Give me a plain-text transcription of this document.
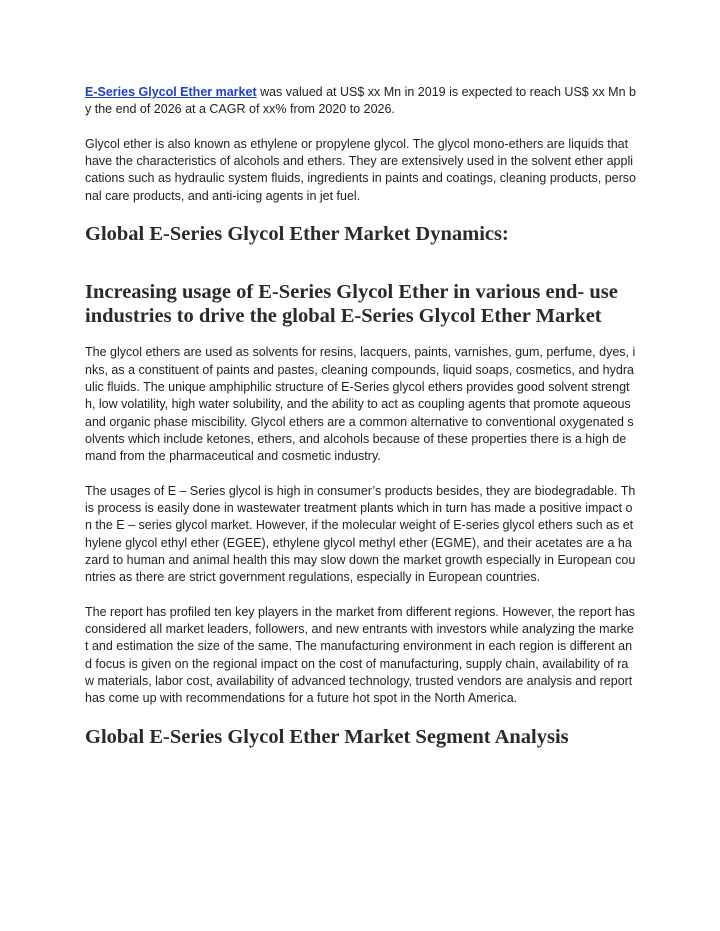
E-Series Glycol Ether market was valued at US$ xx Mn in 2019 is expected to reach US$ xx Mn by the end of 2026 at a CAGR of xx% from 2020 to 2026.

Glycol ether is also known as ethylene or propylene glycol. The glycol mono-ethers are liquids that have the characteristics of alcohols and ethers. They are extensively used in the solvent ether applications such as hydraulic system fluids, ingredients in paints and coatings, cleaning products, personal care products, and anti-icing agents in jet fuel.

Global E-Series Glycol Ether Market Dynamics:
Increasing usage of E-Series Glycol Ether in various end- use industries to drive the global E-Series Glycol Ether Market

The glycol ethers are used as solvents for resins, lacquers, paints, varnishes, gum, perfume, dyes, inks, as a constituent of paints and pastes, cleaning compounds, liquid soaps, cosmetics, and hydraulic fluids. The unique amphiphilic structure of E-Series glycol ethers provides good solvent strength, low volatility, high water solubility, and the ability to act as coupling agents that promote aqueous and organic phase miscibility. Glycol ethers are a common alternative to conventional oxygenated solvents which include ketones, ethers, and alcohols because of these properties there is a high demand from the pharmaceutical and cosmetic industry.

The usages of E – Series glycol is high in consumer’s products besides, they are biodegradable. This process is easily done in wastewater treatment plants which in turn has made a positive impact on the E – series glycol market. However, if the molecular weight of E-series glycol ethers such as ethylene glycol ethyl ether (EGEE), ethylene glycol methyl ether (EGME), and their acetates are a hazard to human and animal health this may slow down the market growth especially in European countries as there are strict government regulations, especially in European countries.

The report has profiled ten key players in the market from different regions. However, the report has considered all market leaders, followers, and new entrants with investors while analyzing the market and estimation the size of the same. The manufacturing environment in each region is different and focus is given on the regional impact on the cost of manufacturing, supply chain, availability of raw materials, labor cost, availability of advanced technology, trusted vendors are analysis and report has come up with recommendations for a future hot spot in the North America.

Global E-Series Glycol Ether Market Segment Analysis
